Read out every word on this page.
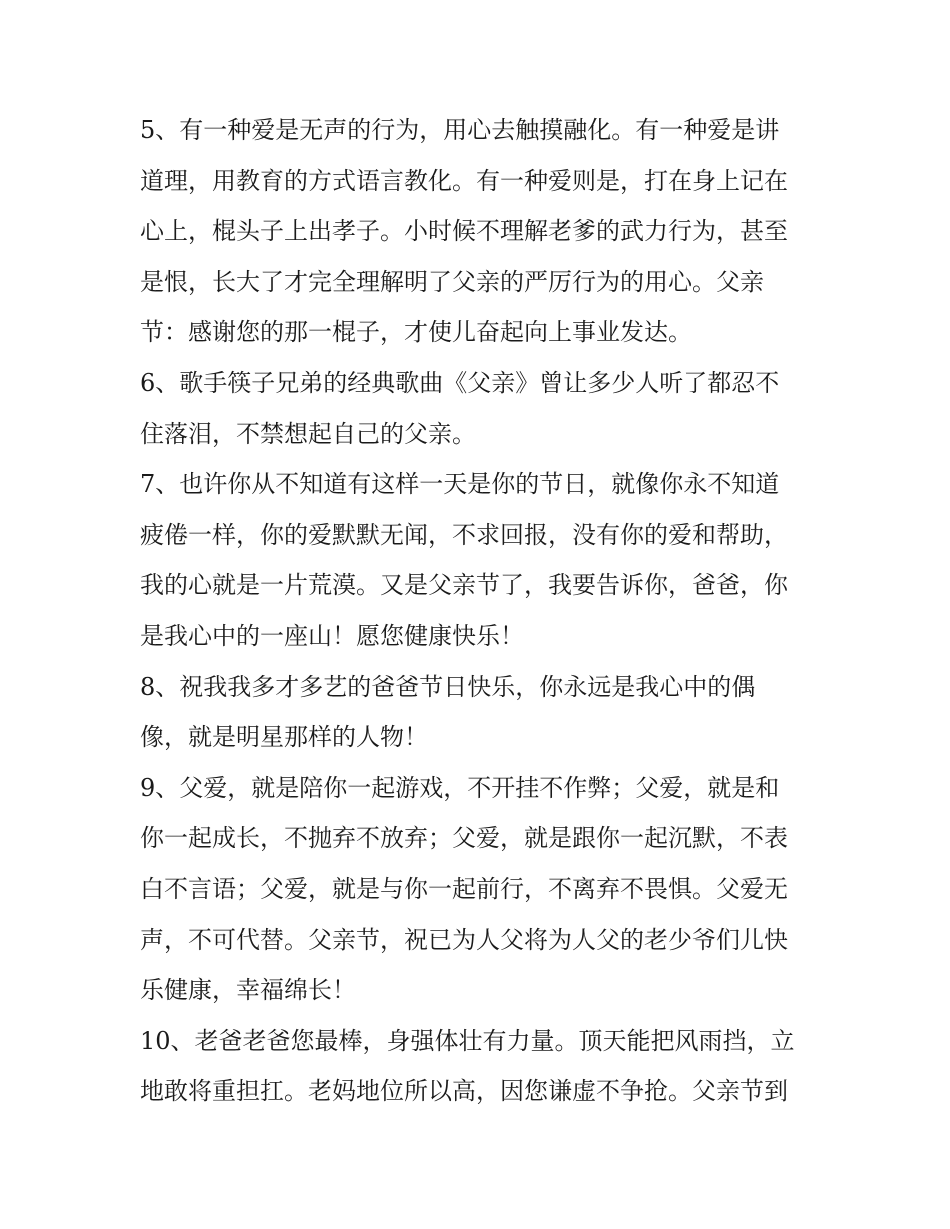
5、有一种爱是无声的行为，用心去触摸融化。有一种爱是讲
道理，用教育的方式语言教化。有一种爱则是，打在身上记在
心上，棍头子上出孝子。小时候不理解老爹的武力行为，甚至
是恨，长大了才完全理解明了父亲的严厉行为的用心。父亲
节：感谢您的那一棍子，才使儿奋起向上事业发达。
6、歌手筷子兄弟的经典歌曲《父亲》曾让多少人听了都忍不
住落泪，不禁想起自己的父亲。
7、也许你从不知道有这样一天是你的节日，就像你永不知道
疲倦一样，你的爱默默无闻，不求回报，没有你的爱和帮助，
我的心就是一片荒漠。又是父亲节了，我要告诉你，爸爸，你
是我心中的一座山！愿您健康快乐！
8、祝我我多才多艺的爸爸节日快乐，你永远是我心中的偶
像，就是明星那样的人物！
9、父爱，就是陪你一起游戏，不开挂不作弊；父爱，就是和
你一起成长，不抛弃不放弃；父爱，就是跟你一起沉默，不表
白不言语；父爱，就是与你一起前行，不离弃不畏惧。父爱无
声，不可代替。父亲节，祝已为人父将为人父的老少爷们儿快
乐健康，幸福绵长！
10、老爸老爸您最棒，身强体壮有力量。顶天能把风雨挡，立
地敢将重担扛。老妈地位所以高，因您谦虚不争抢。父亲节到
